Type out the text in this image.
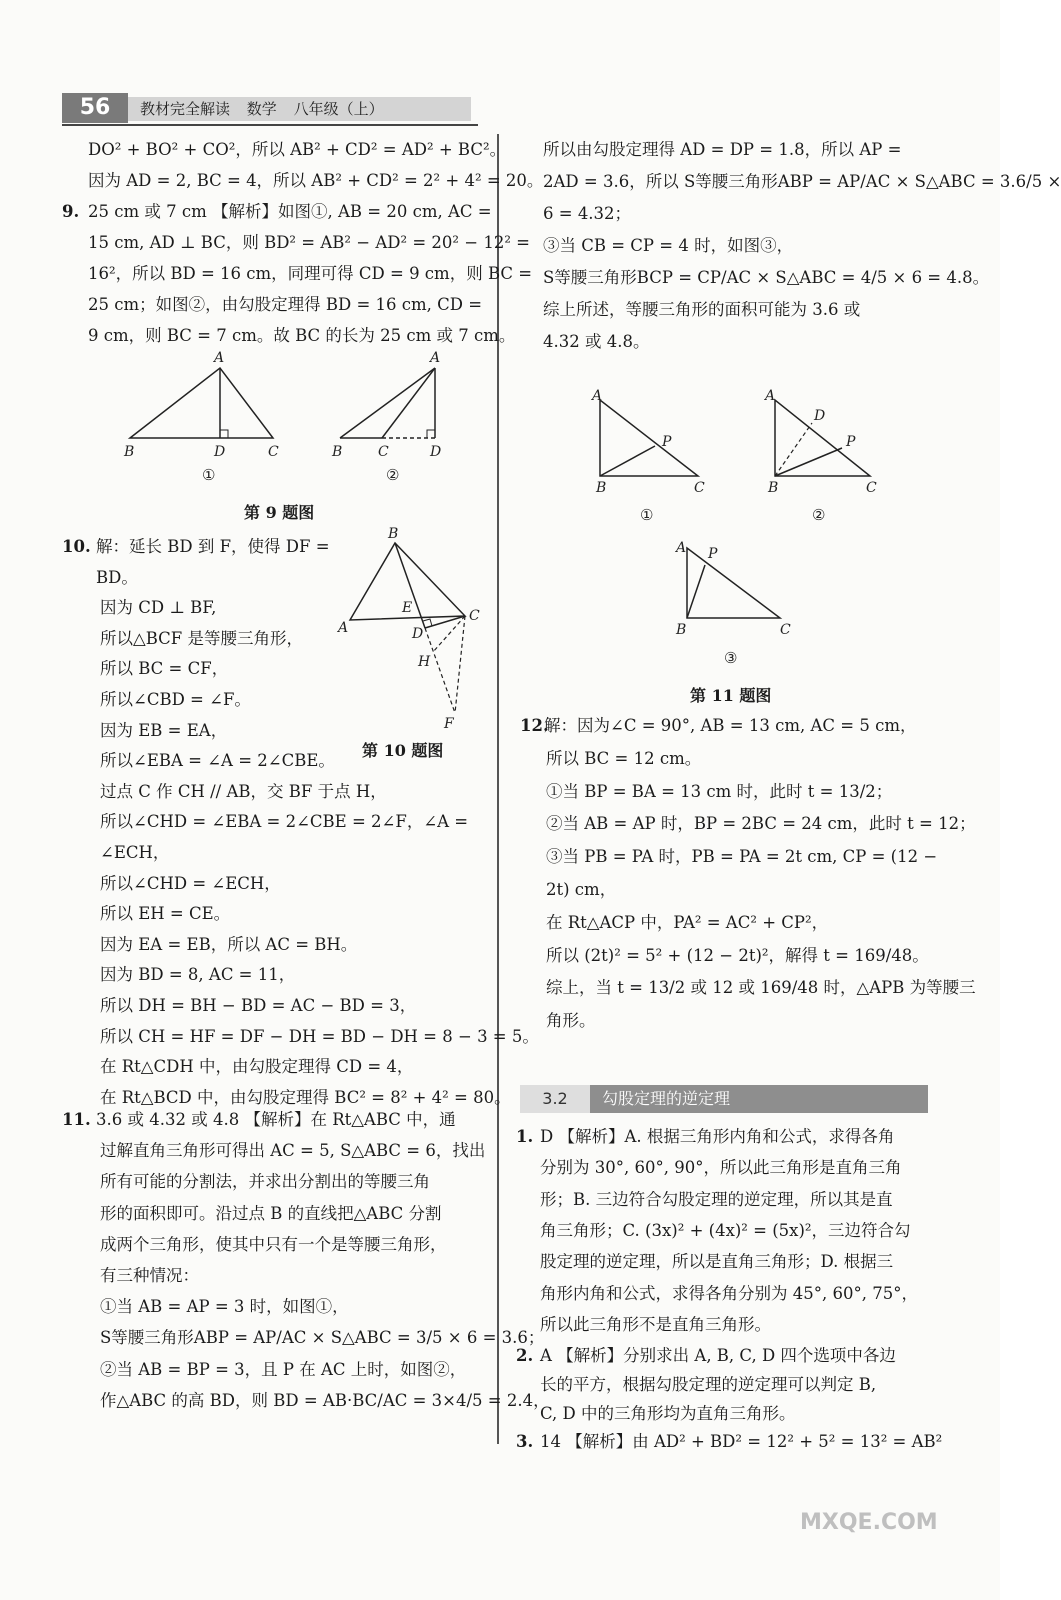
56	教材完全解读 数学 八年级（上）
DO² + BO² + CO²，所以 AB² + CD² = AD² + BC²。
因为 AD = 2, BC = 4，所以 AB² + CD² = 2² + 4² = 20。
9. 25 cm 或 7 cm 【解析】如图①, AB = 20 cm, AC =
15 cm, AD ⊥ BC，则 BD² = AB² − AD² = 20² − 12² =
16²，所以 BD = 16 cm，同理可得 CD = 9 cm，则 BC =
25 cm；如图②，由勾股定理得 BD = 16 cm, CD =
9 cm，则 BC = 7 cm。故 BC 的长为 25 cm 或 7 cm。
A
B	D	C
①
A
B	C	D
②
第 9 题图
10. 解：延长 BD 到 F，使得 DF =
BD。
因为 CD ⊥ BF,
所以△BCF 是等腰三角形，
所以 BC = CF，
所以∠CBD = ∠F。
因为 EB = EA，
所以∠EBA = ∠A = 2∠CBE。
过点 C 作 CH // AB，交 BF 于点 H，
所以∠CHD = ∠EBA = 2∠CBE = 2∠F，∠A =
∠ECH，
所以∠CHD = ∠ECH，
所以 EH = CE。
因为 EA = EB，所以 AC = BH。
因为 BD = 8, AC = 11，
所以 DH = BH − BD = AC − BD = 3，
所以 CH = HF = DF − DH = BD − DH = 8 − 3 = 5。
在 Rt△CDH 中，由勾股定理得 CD = 4，
在 Rt△BCD 中，由勾股定理得 BC² = 8² + 4² = 80。
B
A
E
D
C
H
F
第 10 题图
11. 3.6 或 4.32 或 4.8 【解析】在 Rt△ABC 中，通
过解直角三角形可得出 AC = 5, S△ABC = 6，找出
所有可能的分割法，并求出分割出的等腰三角
形的面积即可。沿过点 B 的直线把△ABC 分割
成两个三角形，使其中只有一个是等腰三角形，
有三种情况：
①当 AB = AP = 3 时，如图①，
S等腰三角形ABP = AP/AC × S△ABC = 3/5 × 6 = 3.6；
②当 AB = BP = 3，且 P 在 AC 上时，如图②，
作△ABC 的高 BD，则 BD = AB·BC/AC = 3×4/5 = 2.4，
所以由勾股定理得 AD = DP = 1.8，所以 AP =
2AD = 3.6，所以 S等腰三角形ABP = AP/AC × S△ABC = 3.6/5 ×
6 = 4.32；
③当 CB = CP = 4 时，如图③，
S等腰三角形BCP = CP/AC × S△ABC = 4/5 × 6 = 4.8。
综上所述，等腰三角形的面积可能为 3.6 或
4.32 或 4.8。
A
P
B	C
①
A
D
P
B	C
②
A P
B	C
③
第 11 题图
12.
解：因为∠C = 90°, AB = 13 cm, AC = 5 cm，
所以 BC = 12 cm。
①当 BP = BA = 13 cm 时，此时 t = 13/2；
②当 AB = AP 时，BP = 2BC = 24 cm，此时 t = 12；
③当 PB = PA 时，PB = PA = 2t cm, CP = (12 −
2t) cm，
在 Rt△ACP 中，PA² = AC² + CP²，
所以 (2t)² = 5² + (12 − 2t)²，解得 t = 169/48。
综上，当 t = 13/2 或 12 或 169/48 时，△APB 为等腰三
角形。
3.2	勾股定理的逆定理
1. D 【解析】A. 根据三角形内角和公式，求得各角
分别为 30°, 60°, 90°，所以此三角形是直角三角
形；B. 三边符合勾股定理的逆定理，所以其是直
角三角形；C. (3x)² + (4x)² = (5x)²，三边符合勾
股定理的逆定理，所以是直角三角形；D. 根据三
角形内角和公式，求得各角分别为 45°, 60°, 75°，
所以此三角形不是直角三角形。
2. A 【解析】分别求出 A, B, C, D 四个选项中各边
长的平方，根据勾股定理的逆定理可以判定 B,
C, D 中的三角形均为直角三角形。
3. 14 【解析】由 AD² + BD² = 12² + 5² = 13² = AB²
MXQE.COM
